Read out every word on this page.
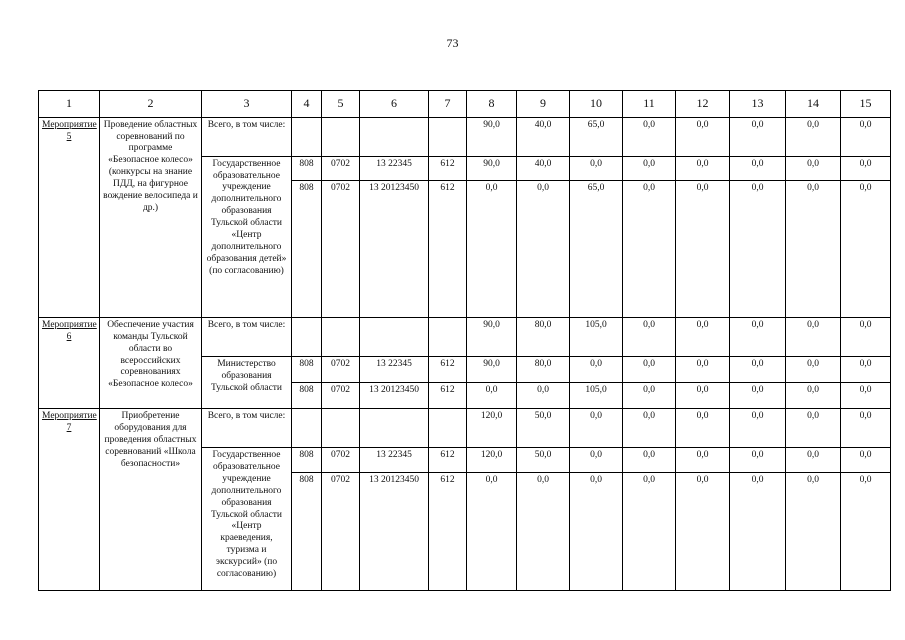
73
1	2	3	4	5	6	7	8	9	10	11	12	13	14	15
Мероприятие 5	Проведение областных соревнований по программе «Безопасное колесо» (конкурсы на знание ПДД, на фигурное вождение велосипеда и др.)	Всего, в том числе:					90,0	40,0	65,0	0,0	0,0	0,0	0,0	0,0
		Государственное образовательное учреждение дополнительного образования Тульской области «Центр дополнительного образования детей» (по согласованию)	808	0702	13 22345	612	90,0	40,0	0,0	0,0	0,0	0,0	0,0	0,0
			808	0702	13 20123450	612	0,0	0,0	65,0	0,0	0,0	0,0	0,0	0,0
Мероприятие 6	Обеспечение участия команды Тульской области во всероссийских соревнованиях «Безопасное колесо»	Всего, в том числе:					90,0	80,0	105,0	0,0	0,0	0,0	0,0	0,0
		Министерство образования Тульской области	808	0702	13 22345	612	90,0	80,0	0,0	0,0	0,0	0,0	0,0	0,0
			808	0702	13 20123450	612	0,0	0,0	105,0	0,0	0,0	0,0	0,0	0,0
Мероприятие 7	Приобретение оборудования для проведения областных соревнований «Школа безопасности»	Всего, в том числе:					120,0	50,0	0,0	0,0	0,0	0,0	0,0	0,0
		Государственное образовательное учреждение дополнительного образования Тульской области «Центр краеведения, туризма и экскурсий» (по согласованию)	808	0702	13 22345	612	120,0	50,0	0,0	0,0	0,0	0,0	0,0	0,0
			808	0702	13 20123450	612	0,0	0,0	0,0	0,0	0,0	0,0	0,0	0,0
